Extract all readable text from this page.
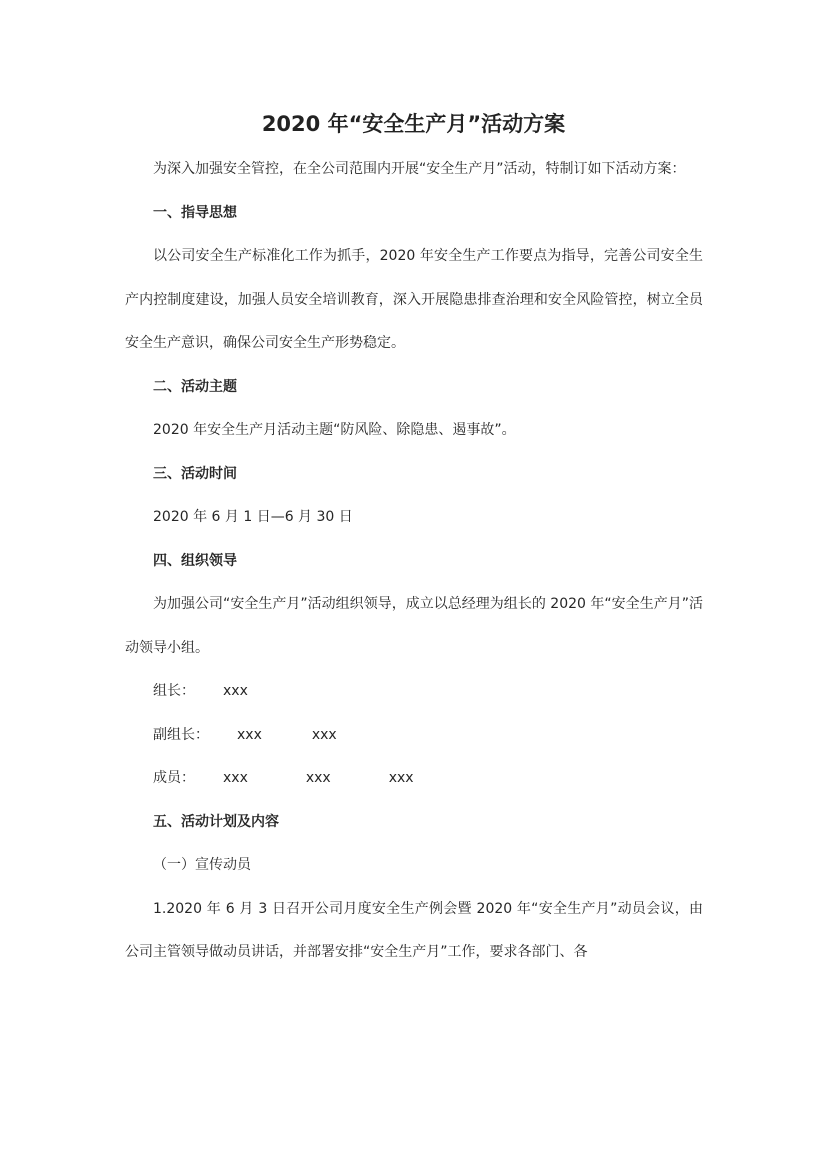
2020 年“安全生产月”活动方案

为深入加强安全管控，在全公司范围内开展“安全生产月”活动，特制订如下活动方案：

一、指导思想

以公司安全生产标准化工作为抓手，2020 年安全生产工作要点为指导，完善公司安全生产内控制度建设，加强人员安全培训教育，深入开展隐患排查治理和安全风险管控，树立全员安全生产意识，确保公司安全生产形势稳定。

二、活动主题

2020 年安全生产月活动主题“防风险、除隐患、遏事故”。

三、活动时间

2020 年 6 月 1 日—6 月 30 日

四、组织领导

为加强公司“安全生产月”活动组织领导，成立以总经理为组长的 2020 年“安全生产月”活动领导小组。

组长： xxx

副组长： xxx	xxx

成员： xxx	xxx	xxx

五、活动计划及内容

（一）宣传动员

1.2020 年 6 月 3 日召开公司月度安全生产例会暨 2020 年“安全生产月”动员会议，由公司主管领导做动员讲话，并部署安排“安全生产月”工作，要求各部门、各
